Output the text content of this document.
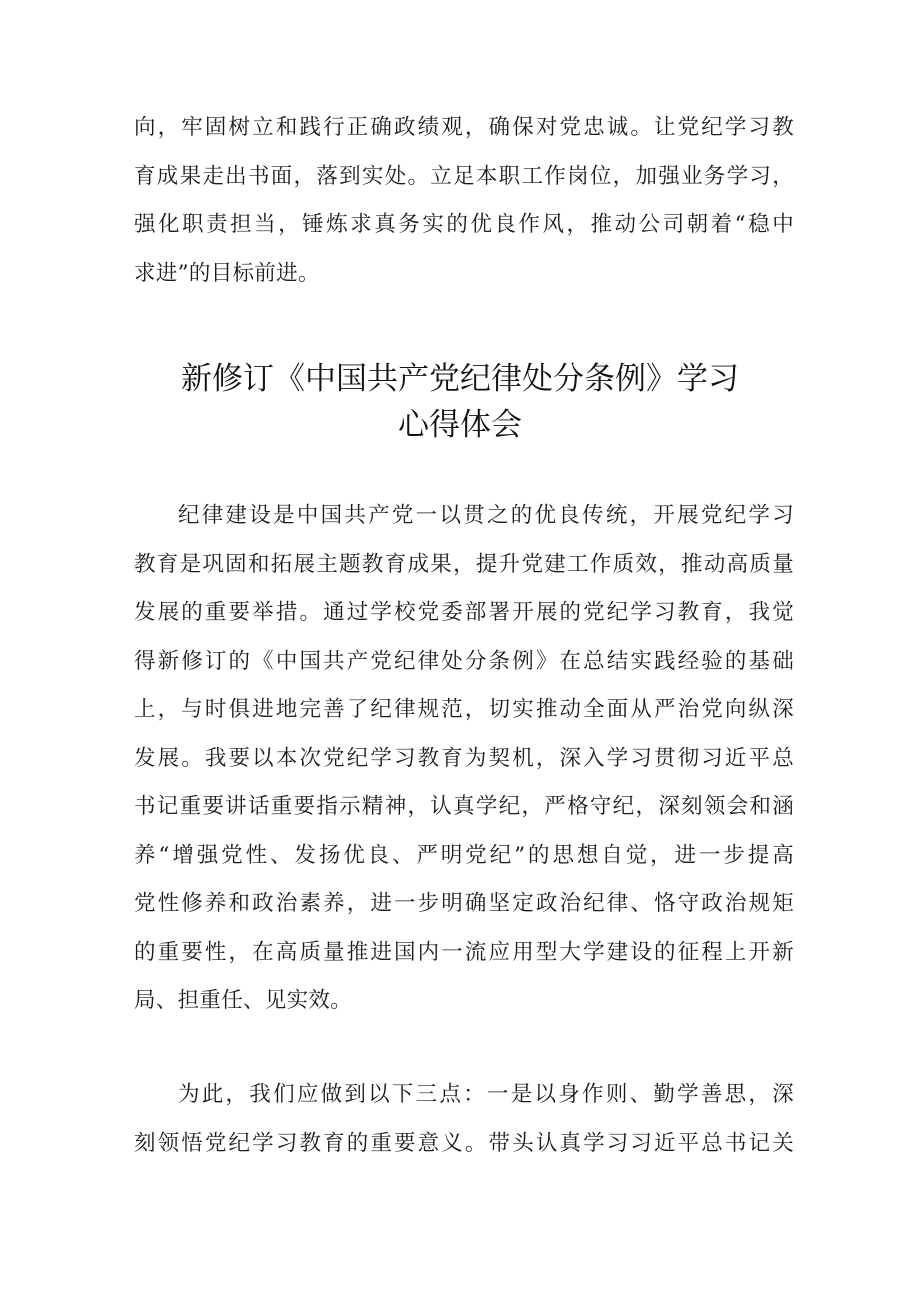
向，牢固树立和践行正确政绩观，确保对党忠诚。让党纪学习教
育成果走出书面，落到实处。立足本职工作岗位，加强业务学习，
强化职责担当，锤炼求真务实的优良作风，推动公司朝着“稳中
求进”的目标前进。
新修订《中国共产党纪律处分条例》学习
心得体会
纪律建设是中国共产党一以贯之的优良传统，开展党纪学习
教育是巩固和拓展主题教育成果，提升党建工作质效，推动高质量
发展的重要举措。通过学校党委部署开展的党纪学习教育，我觉
得新修订的《中国共产党纪律处分条例》在总结实践经验的基础
上，与时俱进地完善了纪律规范，切实推动全面从严治党向纵深
发展。我要以本次党纪学习教育为契机，深入学习贯彻习近平总
书记重要讲话重要指示精神，认真学纪，严格守纪，深刻领会和涵
养“增强党性、发扬优良、严明党纪”的思想自觉，进一步提高
党性修养和政治素养，进一步明确坚定政治纪律、恪守政治规矩
的重要性，在高质量推进国内一流应用型大学建设的征程上开新
局、担重任、见实效。
为此，我们应做到以下三点：一是以身作则、勤学善思，深
刻领悟党纪学习教育的重要意义。带头认真学习习近平总书记关
